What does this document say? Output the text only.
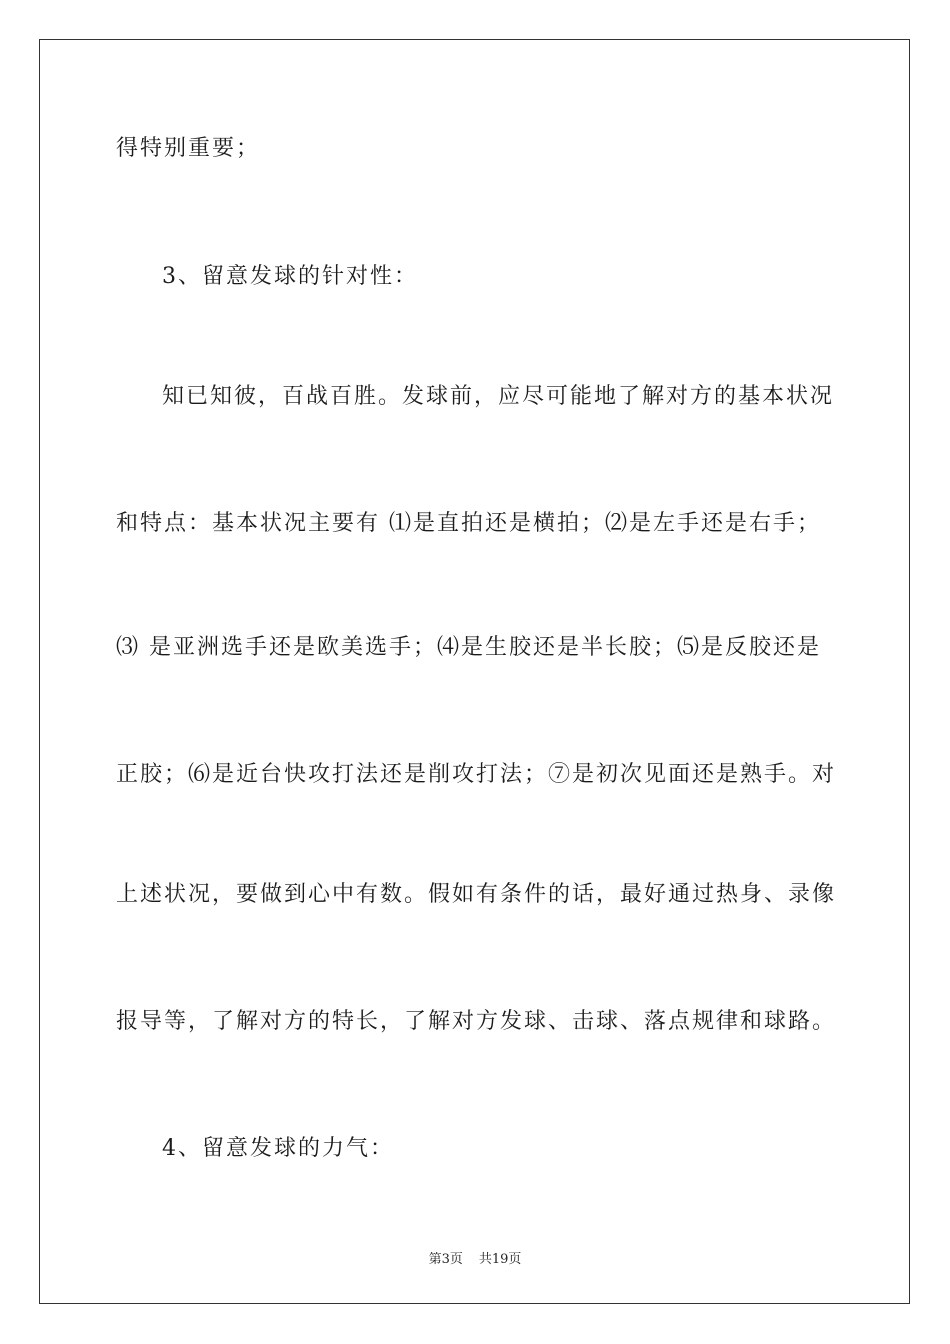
得特别重要；
3、留意发球的针对性：
知已知彼，百战百胜。发球前，应尽可能地了解对方的基本状况
和特点：基本状况主要有 ⑴是直拍还是横拍；⑵是左手还是右手；
⑶ 是亚洲选手还是欧美选手；⑷是生胶还是半长胶；⑸是反胶还是
正胶；⑹是近台快攻打法还是削攻打法；⑦是初次见面还是熟手。对
上述状况，要做到心中有数。假如有条件的话，最好通过热身、录像
报导等，了解对方的特长，了解对方发球、击球、落点规律和球路。
4、留意发球的力气：
第3页 共19页
